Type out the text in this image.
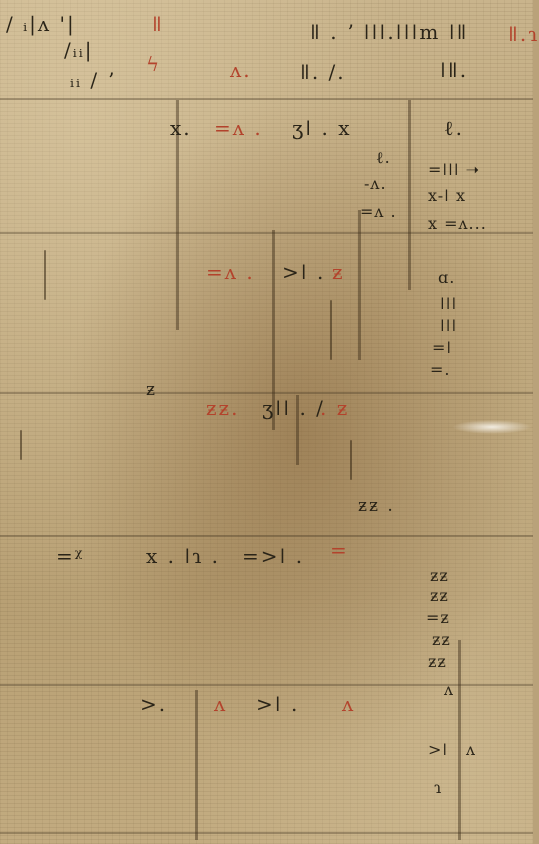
/ ᵢ|ʌ '|
/ᵢᵢ|
ᵢᵢ / ʼ
ǁ	ǁ . ʼ ǀǀǀ.ǀǀǀm ǀǁ ǁ.ɿ
ϟ	ʌ. ǁ. /.	ǀǁ.
x. =ʌ . ʒǀ . x	ℓ.
ℓ.
-ʌ.
=ʌ .
=ǀǀǀ ➝
x-ǀ x
x =ʌ...
=ʌ . >ǀ . ƶ	ɑ.
ǀǀǀ
ǀǀǀ
=ǀ
=.
ƶ
ƶƶ. ʒǀǀ . /
. ƶ
ƶƶ .
=ᵡ	x . ǀɿ . =>ǀ . =
ƶƶ
ƶƶ
=ƶ
ƶƶ
ƶƶ
>. ʌ >ǀ . ʌ
ʌ
>ǀ ʌ
ɿ
